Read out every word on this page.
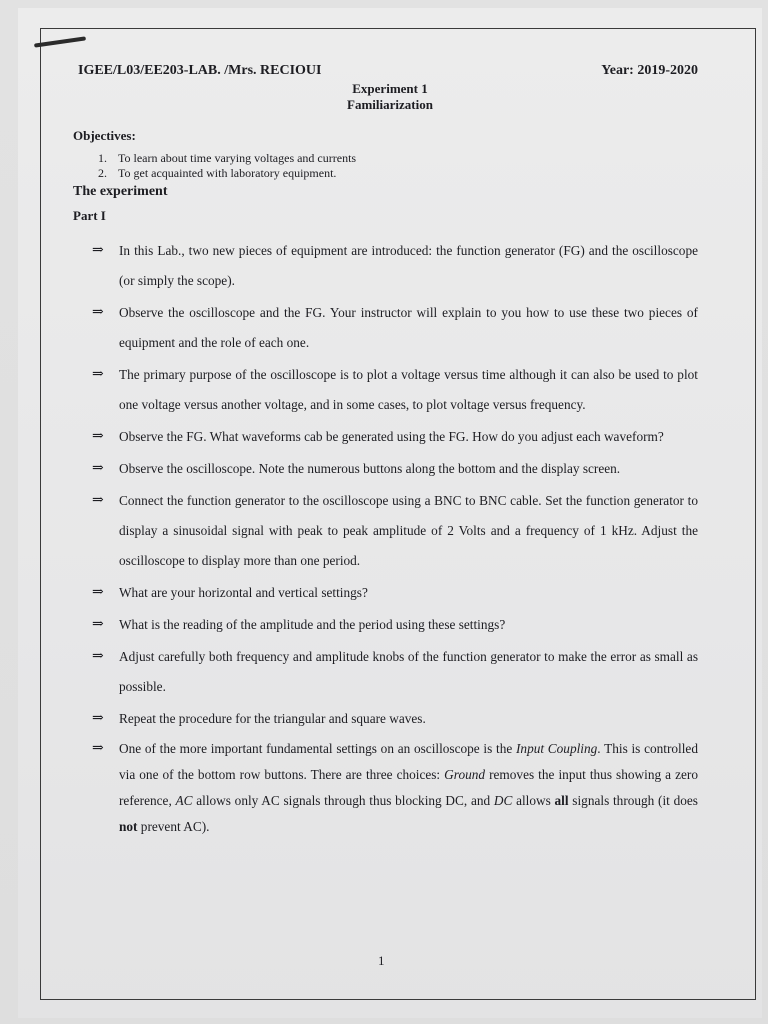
IGEE/L03/EE203-LAB. /Mrs. RECIOUI	Year: 2019-2020
Experiment 1
Familiarization
Objectives:
1. To learn about time varying voltages and currents
2. To get acquainted with laboratory equipment.
The experiment
Part I
⇒ In this Lab., two new pieces of equipment are introduced: the function generator (FG) and the oscilloscope (or simply the scope).
⇒ Observe the oscilloscope and the FG. Your instructor will explain to you how to use these two pieces of equipment and the role of each one.
⇒ The primary purpose of the oscilloscope is to plot a voltage versus time although it can also be used to plot one voltage versus another voltage, and in some cases, to plot voltage versus frequency.
⇒ Observe the FG. What waveforms cab be generated using the FG. How do you adjust each waveform?
⇒ Observe the oscilloscope. Note the numerous buttons along the bottom and the display screen.
⇒ Connect the function generator to the oscilloscope using a BNC to BNC cable. Set the function generator to display a sinusoidal signal with peak to peak amplitude of 2 Volts and a frequency of 1 kHz. Adjust the oscilloscope to display more than one period.
⇒ What are your horizontal and vertical settings?
⇒ What is the reading of the amplitude and the period using these settings?
⇒ Adjust carefully both frequency and amplitude knobs of the function generator to make the error as small as possible.
⇒ Repeat the procedure for the triangular and square waves.
⇒ One of the more important fundamental settings on an oscilloscope is the Input Coupling. This is controlled via one of the bottom row buttons. There are three choices: Ground removes the input thus showing a zero reference, AC allows only AC signals through thus blocking DC, and DC allows all signals through (it does not prevent AC).
1
